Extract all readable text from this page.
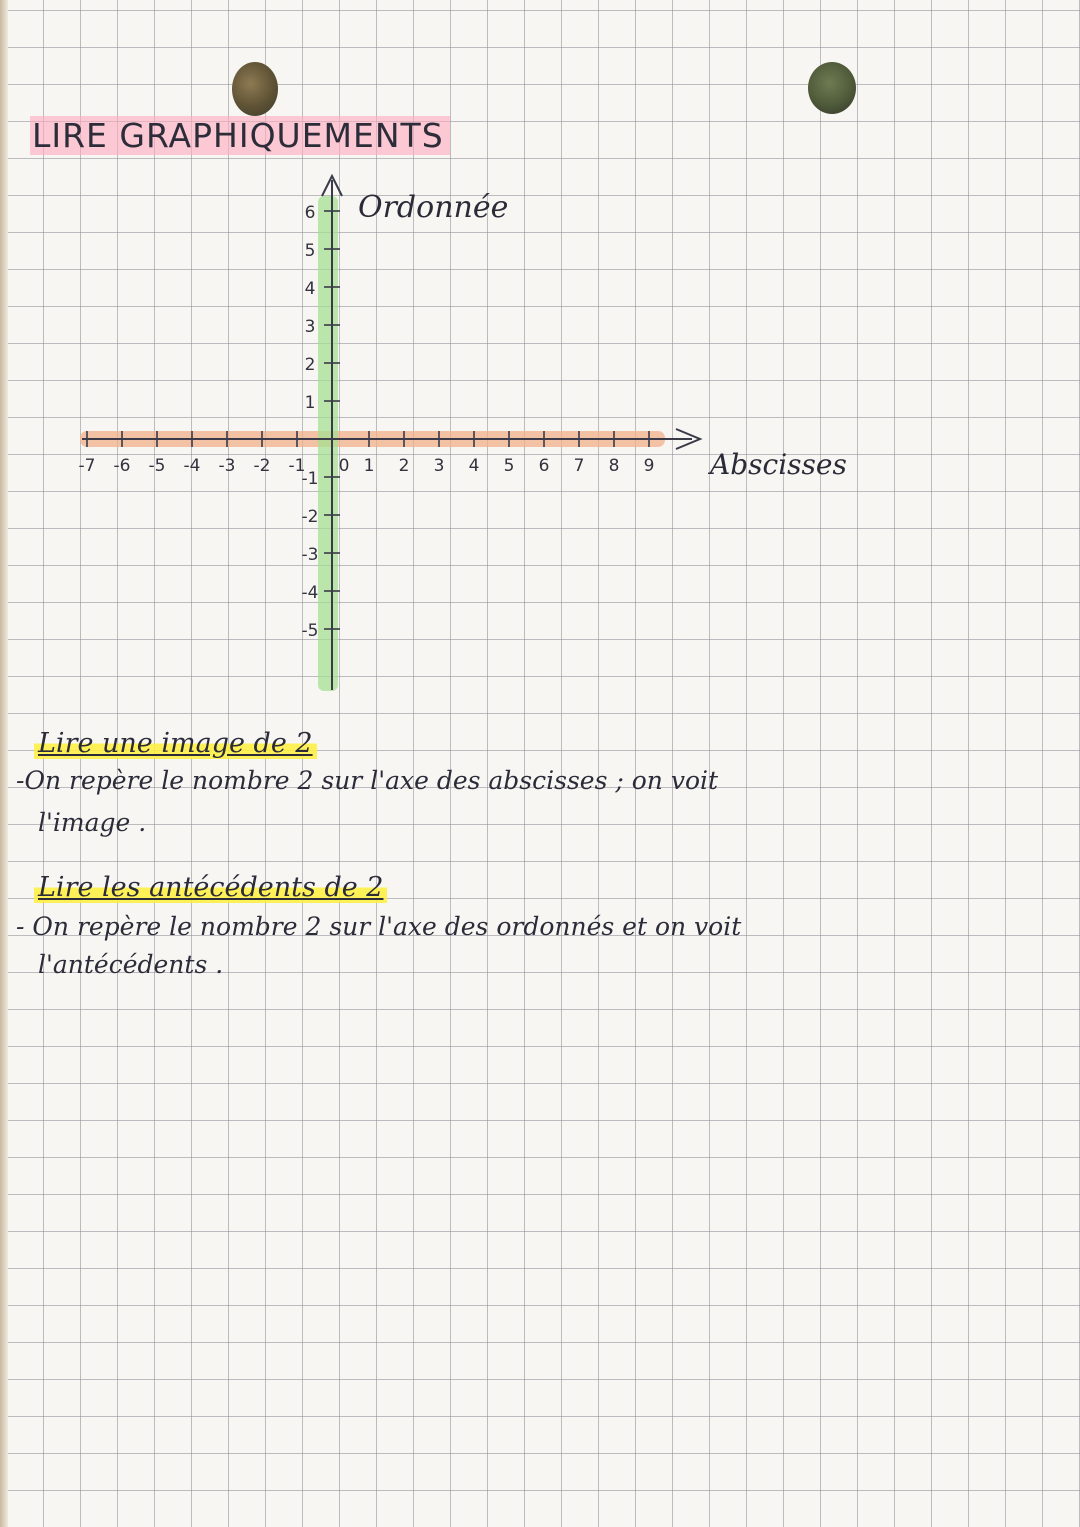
LIRE GRAPHIQUEMENTS
-7 -6 -5 -4 -3 -2 -1 0 1 2 3 4 5 6 7 8 9
6
5
4
3
2
1
-1
-2
-3
-4
-5
Ordonnée
Abscisses
Lire une image de 2
-On repère le nombre 2 sur l'axe des abscisses ; on voit
l'image .
Lire les antécédents de 2
- On repère le nombre 2 sur l'axe des ordonnés et on voit
l'antécédents .
